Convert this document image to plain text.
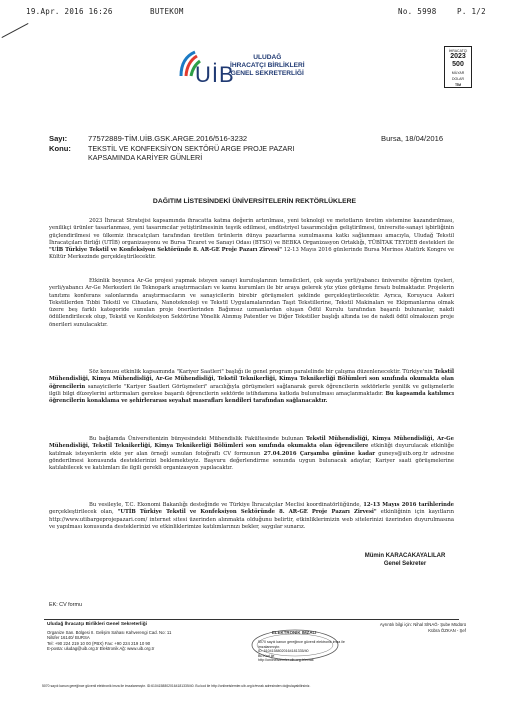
19.Apr. 2016 16:26	BUTEKOM	No. 5998	P. 1/2
UİB
ULUDAĞ
İHRACATÇI BİRLİKLERİ
GENEL SEKRETERLİĞİ
İHRACATÇI
2023
500
MİLYAR
DOLAR
TİM
Sayı:	77572889-TİM.UİB.GSK.ARGE.2016/516-3232	Bursa, 18/04/2016
Konu: TEKSTİL VE KONFEKSİYON SEKTÖRÜ ARGE PROJE PAZARI
KAPSAMINDA KARİYER GÜNLERİ
DAĞITIM LİSTESİNDEKİ ÜNİVERSİTELERİN REKTÖRLÜKLERE

2023 İhracat Stratejisi kapsamında ihracatta katma değerin artırılması, yeni teknoloji ve metotların üretim sistemine kazandırılması, yenilikçi ürünler tasarlanması, yeni tasarımcılar yetiştirilmesinin teşvik edilmesi, endüstriyel tasarımcılığın geliştirilmesi, üniversite-sanayi işbirliğinin güçlendirilmesi ve ülkemiz ihracatçıları tarafından üretilen ürünlerin dünya pazarlarına sunulmasına katkı sağlanması amacıyla, Uludağ Tekstil İhracatçıları Birliği (UTİB) organizasyonu ve Bursa Ticaret ve Sanayi Odası (BTSO) ve BEBKA Organizasyon Ortaklığı, TÜBİTAK TEYDEB destekleri ile "UİB Türkiye Tekstil ve Konfeksiyon Sektöründe 8. AR-GE Proje Pazarı Zirvesi" 12-13 Mayıs 2016 günlerinde Bursa Merinos Atatürk Kongre ve Kültür Merkezinde gerçekleştirilecektir.

Etkinlik boyunca Ar-Ge projesi yapmak isteyen sanayi kuruluşlarının temsilcileri, çok sayıda yerli/yabancı üniversite öğretim üyeleri, yerli/yabancı Ar-Ge Merkezleri ile Teknopark araştırmacıları ve kamu kurumları ile bir araya gelerek yüz yüze görüşme fırsatı bulmaktadır. Projelerin tanıtımı konferans salonlarında araştırmacıların ve sanayicilerin birebir görüşmeleri şeklinde gerçekleştirilecektir. Ayrıca, Koruyucu Askeri Tekstillerden Tıbbi Tekstil ve Cihazlara, Nanoteknoloji ve Tekstil Uygulamalarından Taşıt Tekstillerine, Tekstil Makinaları ve Ekipmanlarına olmak üzere beş farklı kategoride sunulan proje önerilerinden Bağımsız uzmanlardan oluşan Ödül Kurulu tarafından başarılı bulunanlar, nakdi ödüllendirilecek olup, Tekstil ve Konfeksiyon Sektörüne Yönelik Alınmış Patentler ve Diğer Tekstiller başlığı altında ise de nakdi ödül olmaksızın proje önerileri sunulacaktır.

Söz konusu etkinlik kapsamında "Kariyer Saatleri" başlığı ile genel program paralelinde bir çalışma düzenlenecektir. Türkiye'nin Tekstil Mühendisliği, Kimya Mühendisliği, Ar-Ge Mühendisliği, Tekstil Teknikerliği, Kimya Teknikerliği Bölümleri son sınıfında okumakta olan öğrencilerin sanayicilerle "Kariyer Saatleri Görüşmeleri" aracılığıyla görüşmeleri sağlanarak gerek öğrencilerin sektörlerle yenilik ve gelişmelerle ilgili bilgi düzeylerini arttırmaları gerekse başarılı öğrencilerin sektörde istihdamına katkıda bulunulması amaçlanmaktadır. Bu kapsamda katılımcı öğrencilerin konaklama ve şehirlerarası seyahat masrafları kendileri tarafından sağlanacaktır.

Bu bağlamda Üniversitenizin bünyesindeki Mühendislik Fakültesinde bulunan Tekstil Mühendisliği, Kimya Mühendisliği, Ar-Ge Mühendisliği, Tekstil Teknikerliği, Kimya Teknikerliği Bölümleri son sınıfında okumakta olan öğrencilere etkinliği duyurulacak etkinliğe katılmak isteyenlerin ekte yer alan örneği sunulan fotoğraflı CV formunun 27.04.2016 Çarşamba gününe kadar guneys@uib.org.tr adresine gönderilmesi konusunda desteklerinizi beklemekteyiz. Başvuru değerlendirme sonunda uygun bulunacak adaylar, Kariyer saati görüşmelerine katılabilecek ve katılımları ile ilgili gerekli organizasyon yapılacaktır.

Bu vesileyle, T.C. Ekonomi Bakanlığı desteğinde ve Türkiye İhracatçılar Meclisi koordinatörlüğünde, 12-13 Mayıs 2016 tarihlerinde gerçekleştirilecek olan, "UTİB Türkiye Tekstil ve Konfeksiyon Sektöründe 8. AR-GE Proje Pazarı Zirvesi" etkinliğinin için kayıtların http://www.utibargeprojepazari.com/ internet sitesi üzerinden alınmakta olduğunu belirtir, etkinliklerimizin web sitelerinizi üzerinden duyurulmasına ve yapılması konusunda desteklerinizi ve etkinliklerimize katılımlarınızı bekler, saygılar sunarız.

Mümin KARACAKAYALILAR
Genel Sekreter
EK: CV formu
Uludağ İhracatçı Birlikleri Genel Sekreterliği
Organize San. Bölgesi II. Gelişim Sahası Kahverengi Cad. No: 11
Nilüfer 16140/ BURSA
Tel: +90 224 219 10 00 (PBX) Fax: +90 224 219 10 90
E-posta: uludag@uib.org.tr Elektronik Ağ: www.uib.org.tr
Ayrıntılı bilgi için: Nihal SİNAĞ- Şube Müdürü
Kübra ÖZKAN - Şef
ELEKTRONİK İMZALI
5070 sayılı kanun gereğince güvenli elektronik imza ile imzalanmıştır.
ID: 61041588020164181335/40
Bu Kod ile
http://onlineislemler.uib.org.tr/evrak
5070 sayılı kanun gereğince güvenli elektronik imza ile imzalanmıştır. ID:61041588020164181335/40. Bu kod ile http://onlineislemler.uib.org.tr/evrak adresinden doğrulayabilirsiniz.
